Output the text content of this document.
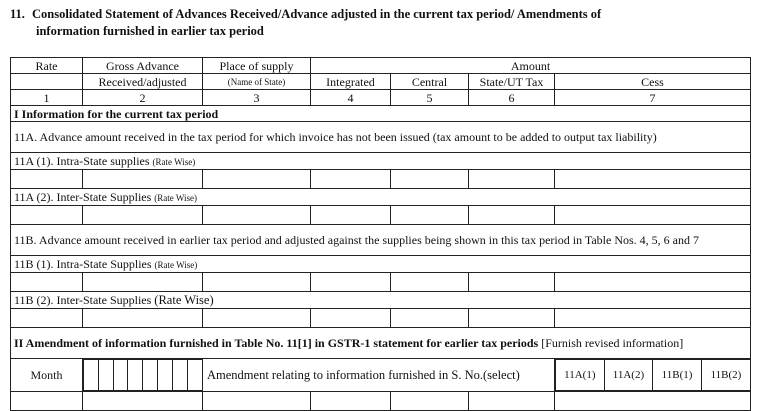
11. Consolidated Statement of Advances Received/Advance adjusted in the current tax period/ Amendments of
information furnished in earlier tax period
Rate	Gross Advance	Place of supply	Amount
	Received/adjusted	(Name of State)	Integrated	Central	State/UT Tax	Cess
1	2	3	4	5	6	7
I Information for the current tax period
11A. Advance amount received in the tax period for which invoice has not been issued (tax amount to be added to output tax liability)
11A (1). Intra-State supplies (Rate Wise)

11A (2). Inter-State Supplies (Rate Wise)

11B. Advance amount received in earlier tax period and adjusted against the supplies being shown in this tax period in Table Nos. 4, 5, 6 and 7
11B (1). Intra-State Supplies (Rate Wise)

11B (2). Inter-State Supplies (Rate Wise)

II Amendment of information furnished in Table No. 11[1] in GSTR-1 statement for earlier tax periods [Furnish revised information]
Month									Amendment relating to information furnished in S. No.(select)		11A(1)	11A(2)	11B(1)	11B(2)
